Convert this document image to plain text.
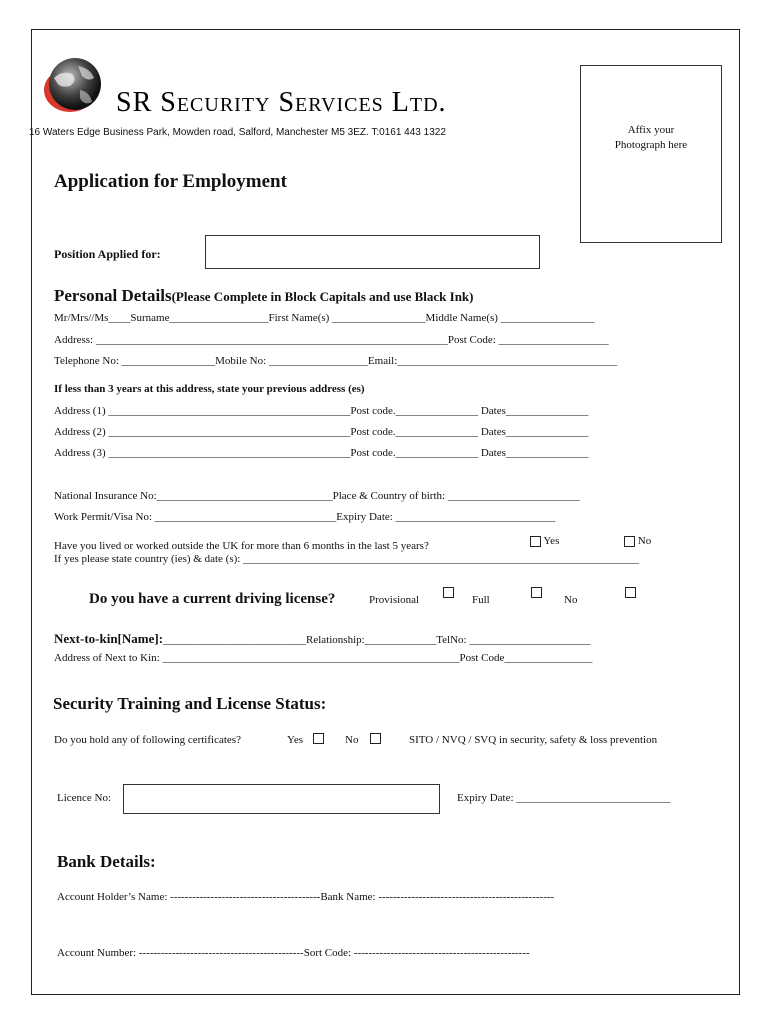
SR Security Services Ltd.
16 Waters Edge Business Park, Mowden road, Salford, Manchester M5 3EZ. T:0161 443 1322	Affix your
Photograph here
Application for Employment
Position Applied for:
Personal Details(Please Complete in Block Capitals and use Black Ink)
Mr/Mrs//Ms____Surname__________________First Name(s) _________________Middle Name(s) _________________
Address: ________________________________________________________________Post Code: ____________________
Telephone No: _________________Mobile No: __________________Email:________________________________________
If less than 3 years at this address, state your previous address (es)
Address (1) ____________________________________________Post code._______________ Dates_______________
Address (2) ____________________________________________Post code._______________ Dates_______________
Address (3) ____________________________________________Post code._______________ Dates_______________
National Insurance No:________________________________Place & Country of birth: ________________________
Work Permit/Visa No: _________________________________Expiry Date: _____________________________
Have you lived or worked outside the UK for more than 6 months in the last 5 years?	Yes	No
If yes please state country (ies) & date (s): ________________________________________________________________________
Do you have a current driving license?	Provisional	Full	No
Next-to-kin[Name]:__________________________Relationship:_____________TelNo: ______________________
Address of Next to Kin: ______________________________________________________Post Code________________
Security Training and License Status:
Do you hold any of following certificates?	Yes	No	SITO / NVQ / SVQ in security, safety & loss prevention
Licence No:	Expiry Date: ____________________________
Bank Details:
Account Holder’s Name: -----------------------------------------Bank Name: ------------------------------------------------
Account Number: ---------------------------------------------Sort Code: ------------------------------------------------
